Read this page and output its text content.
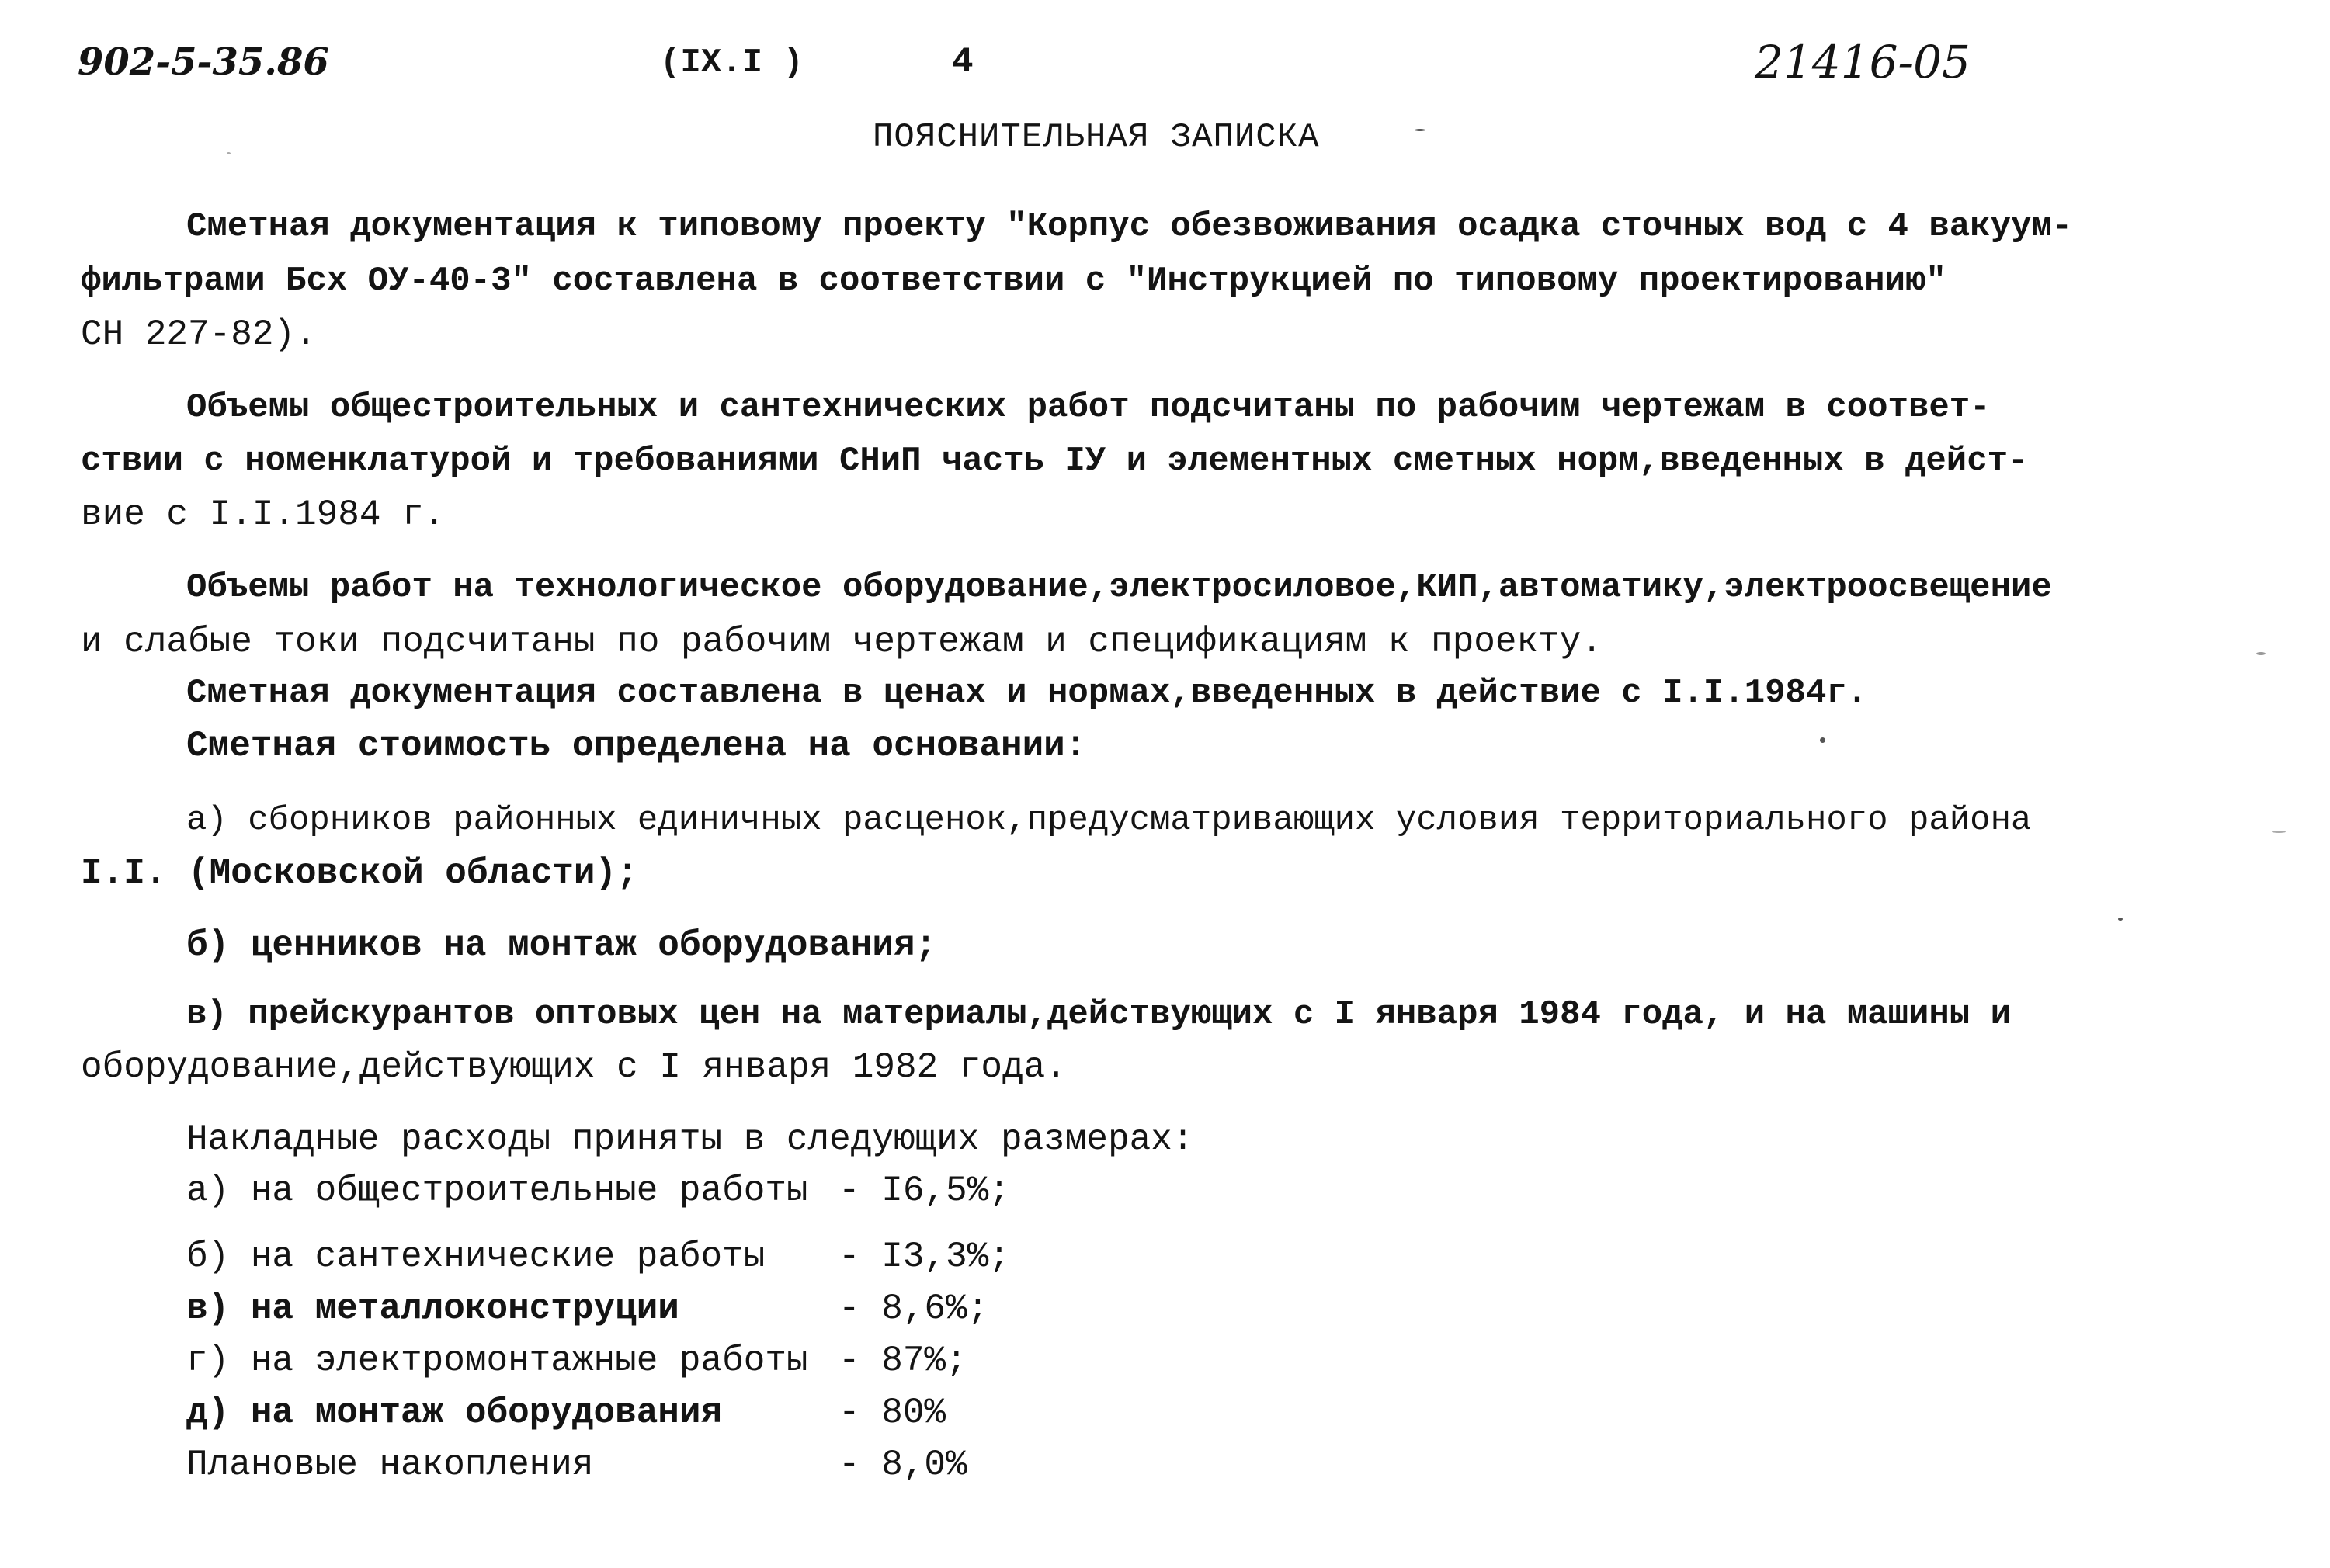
902-5-35.86	(IX.I )	4	21416-05
ПОЯСНИТЕЛЬНАЯ ЗАПИСКА
Сметная документация к типовому проекту "Корпус обезвоживания осадка сточных вод с 4 вакуум-
фильтрами Бсх ОУ-40-3" составлена в соответствии с "Инструкцией по типовому проектированию"
СН 227-82).
Объемы общестроительных и сантехнических работ подсчитаны по рабочим чертежам в соответ-
ствии с номенклатурой и требованиями СНиП часть IУ и элементных сметных норм,введенных в дейст-
вие с I.I.1984 г.
Объемы работ на технологическое оборудование,электросиловое,КИП,автоматику,электроосвещение
и слабые токи подсчитаны по рабочим чертежам и спецификациям к проекту.
Сметная документация составлена в ценах и нормах,введенных в действие с I.I.1984г.
Сметная стоимость определена на основании:
а) сборников районных единичных расценок,предусматривающих условия территориального района
I.I. (Московской области);
б) ценников на монтаж оборудования;
в) прейскурантов оптовых цен на материалы,действующих с I января 1984 года, и на машины и
оборудование,действующих с I января 1982 года.
Накладные расходы приняты в следующих размерах:
а) на общестроительные работы - I6,5%;
б) на сантехнические работы - I3,3%;
в) на металлоконструции	- 8,6%;
г) на электромонтажные работы - 87%;
д) на монтаж оборудования	- 80%
Плановые накопления	- 8,0%
